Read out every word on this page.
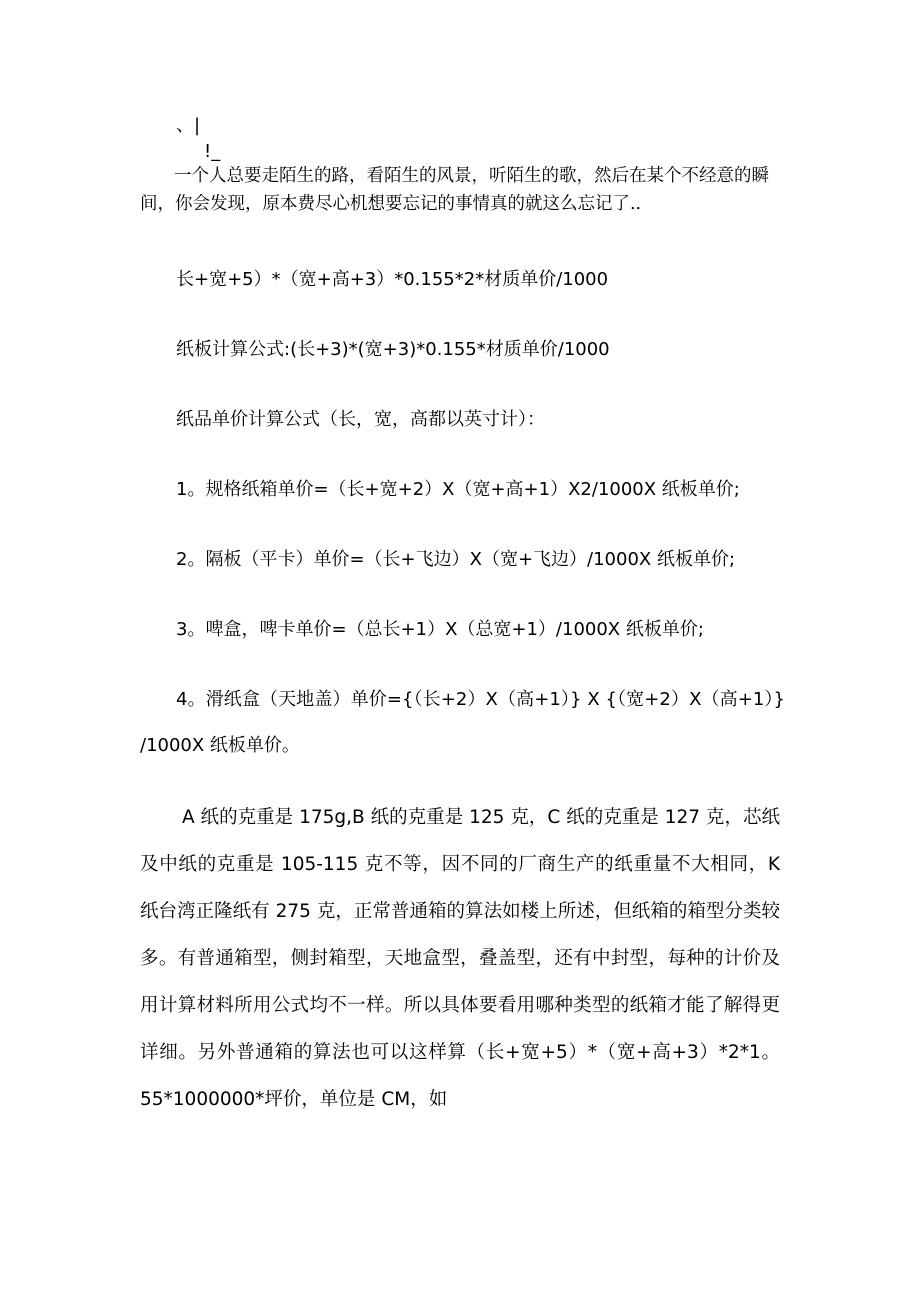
、|
!_

一个人总要走陌生的路，看陌生的风景，听陌生的歌，然后在某个不经意的瞬间，你会发现，原本费尽心机想要忘记的事情真的就这么忘记了..

长+宽+5）*（宽+高+3）*0.155*2*材质单价/1000

纸板计算公式:(长+3)*(宽+3)*0.155*材质单价/1000

纸品单价计算公式（长，宽，高都以英寸计）：

1。规格纸箱单价=（长+宽+2）X（宽+高+1）X2/1000X 纸板单价;

2。隔板（平卡）单价=（长+飞边）X（宽+飞边）/1000X 纸板单价;

3。啤盒，啤卡单价=（总长+1）X（总宽+1）/1000X 纸板单价;

4。滑纸盒（天地盖）单价={（长+2）X（高+1）} X {（宽+2）X（高+1）} /1000X 纸板单价。

A 纸的克重是 175g,B 纸的克重是 125 克，C 纸的克重是 127 克，芯纸及中纸的克重是 105-115 克不等，因不同的厂商生产的纸重量不大相同，K 纸台湾正隆纸有 275 克，正常普通箱的算法如楼上所述，但纸箱的箱型分类较多。有普通箱型，侧封箱型，天地盒型，叠盖型，还有中封型，每种的计价及用计算材料所用公式均不一样。所以具体要看用哪种类型的纸箱才能了解得更详细。另外普通箱的算法也可以这样算（长+宽+5）*（宽+高+3）*2*1。55*1000000*坪价，单位是 CM，如
